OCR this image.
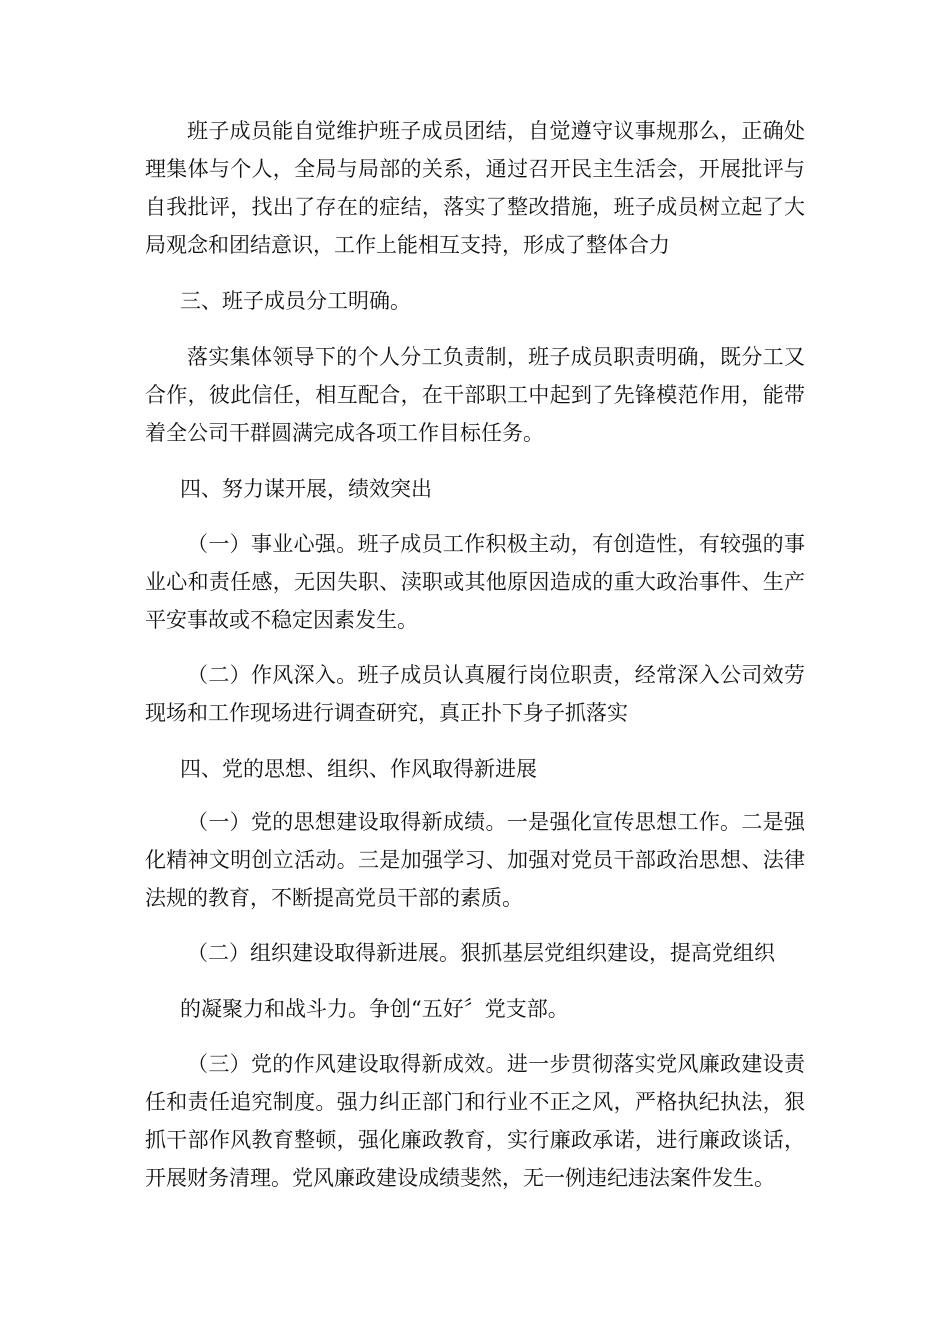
班子成员能自觉维护班子成员团结，自觉遵守议事规那么，正确处理集体与个人，全局与局部的关系，通过召开民主生活会，开展批评与自我批评，找出了存在的症结，落实了整改措施，班子成员树立起了大局观念和团结意识，工作上能相互支持，形成了整体合力

三、班子成员分工明确。

落实集体领导下的个人分工负责制，班子成员职责明确，既分工又合作，彼此信任，相互配合，在干部职工中起到了先锋模范作用，能带着全公司干群圆满完成各项工作目标任务。

四、努力谋开展，绩效突出

（一）事业心强。班子成员工作积极主动，有创造性，有较强的事业心和责任感，无因失职、渎职或其他原因造成的重大政治事件、生产平安事故或不稳定因素发生。

（二）作风深入。班子成员认真履行岗位职责，经常深入公司效劳现场和工作现场进行调查研究，真正扑下身子抓落实

四、党的思想、组织、作风取得新进展

（一）党的思想建设取得新成绩。一是强化宣传思想工作。二是强化精神文明创立活动。三是加强学习、加强对党员干部政治思想、法律法规的教育，不断提高党员干部的素质。

（二）组织建设取得新进展。狠抓基层党组织建设，提高党组织

的凝聚力和战斗力。争创“五好〞党支部。

（三）党的作风建设取得新成效。进一步贯彻落实党风廉政建设责任和责任追究制度。强力纠正部门和行业不正之风，严格执纪执法，狠抓干部作风教育整顿，强化廉政教育，实行廉政承诺，进行廉政谈话，开展财务清理。党风廉政建设成绩斐然，无一例违纪违法案件发生。
